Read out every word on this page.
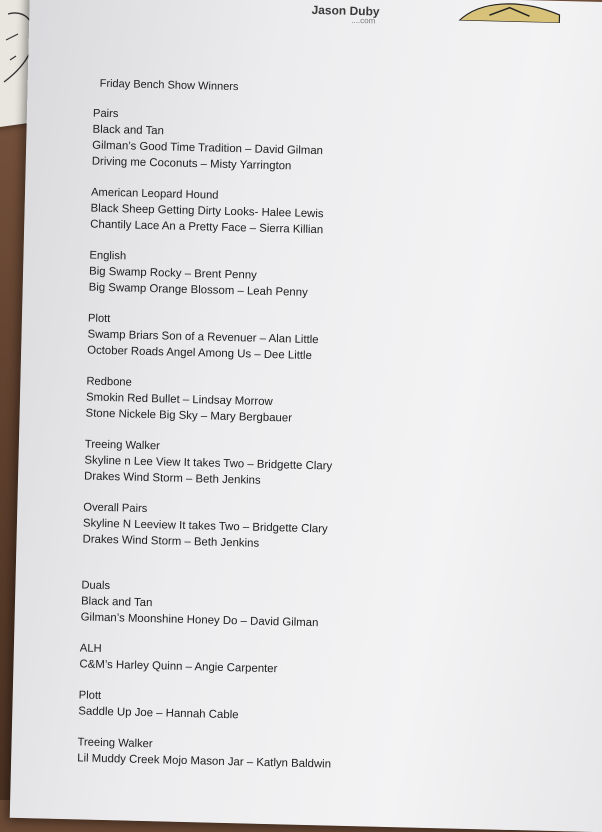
Jason Duby
....com
Friday Bench Show Winners
Pairs
Black and Tan
Gilman’s Good Time Tradition – David Gilman
Driving me Coconuts – Misty Yarrington
American Leopard Hound
Black Sheep Getting Dirty Looks- Halee Lewis
Chantily Lace An a Pretty Face – Sierra Killian
English
Big Swamp Rocky – Brent Penny
Big Swamp Orange Blossom – Leah Penny
Plott
Swamp Briars Son of a Revenuer – Alan Little
October Roads Angel Among Us – Dee Little
Redbone
Smokin Red Bullet – Lindsay Morrow
Stone Nickele Big Sky – Mary Bergbauer
Treeing Walker
Skyline n Lee View It takes Two – Bridgette Clary
Drakes Wind Storm – Beth Jenkins
Overall Pairs
Skyline N Leeview It takes Two – Bridgette Clary
Drakes Wind Storm – Beth Jenkins
Duals
Black and Tan
Gilman’s Moonshine Honey Do – David Gilman
ALH
C&M’s Harley Quinn – Angie Carpenter
Plott
Saddle Up Joe – Hannah Cable
Treeing Walker
Lil Muddy Creek Mojo Mason Jar – Katlyn Baldwin
